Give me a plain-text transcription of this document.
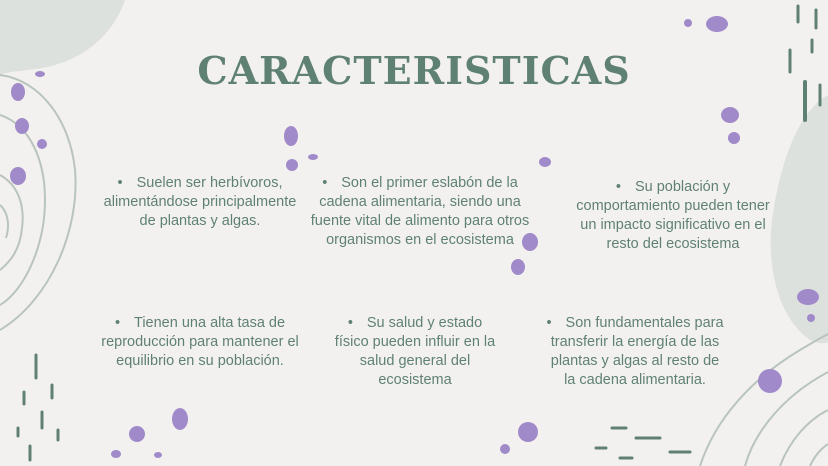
CARACTERISTICAS
• Suelen ser herbívoros, alimentándose principalmente de plantas y algas.
• Son el primer eslabón de la cadena alimentaria, siendo una fuente vital de alimento para otros organismos en el ecosistema
• Su población y comportamiento pueden tener un impacto significativo en el resto del ecosistema
• Tienen una alta tasa de reproducción para mantener el equilibrio en su población.
• Su salud y estado físico pueden influir en la salud general del ecosistema
• Son fundamentales para transferir la energía de las plantas y algas al resto de la cadena alimentaria.
